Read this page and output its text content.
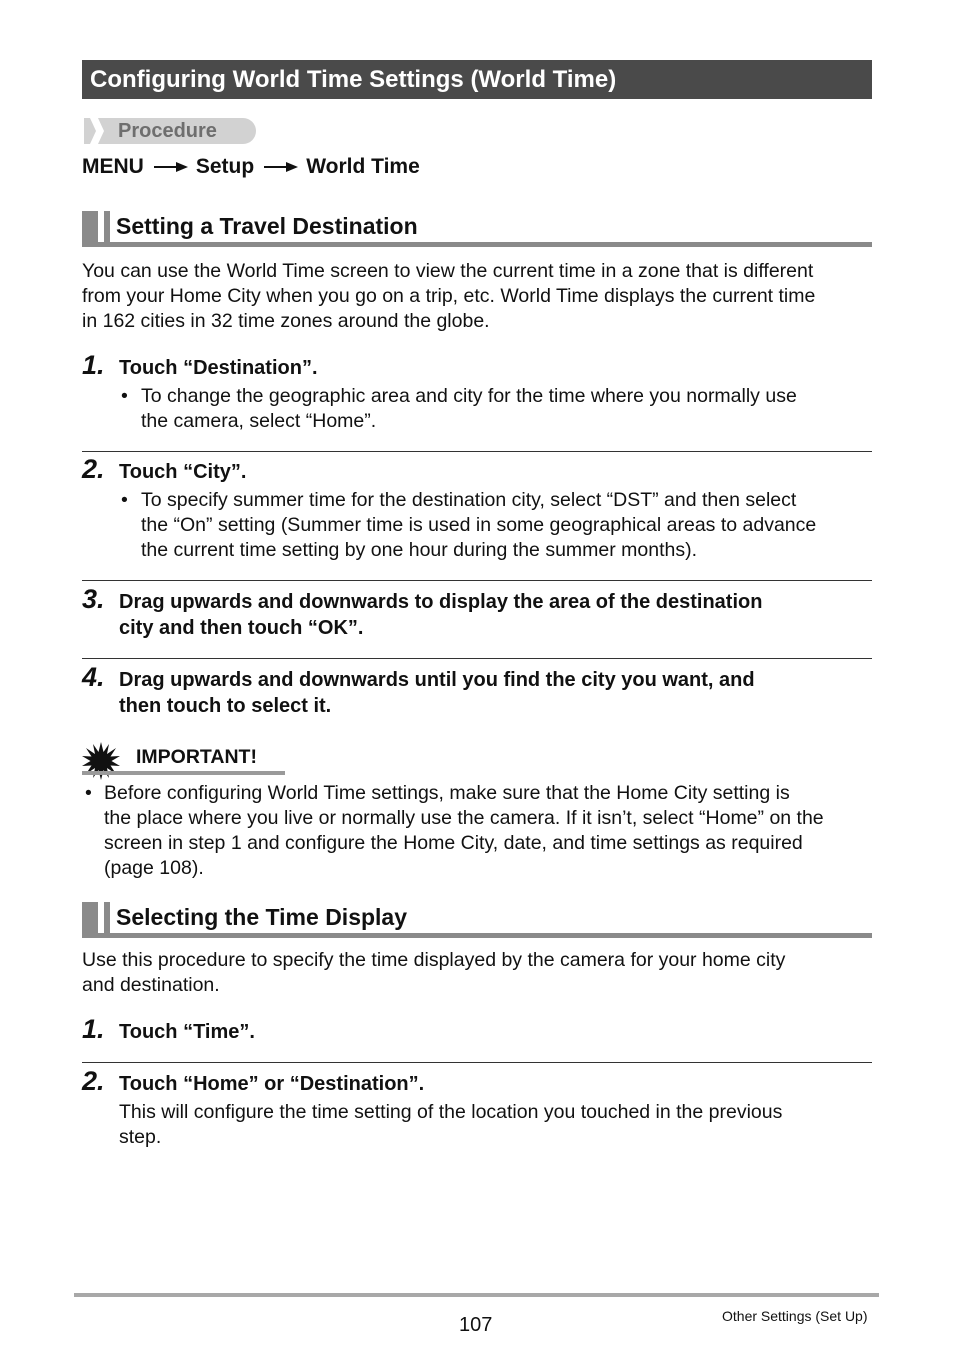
Configuring World Time Settings (World Time)
Procedure
MENU Setup World Time
Setting a Travel Destination
You can use the World Time screen to view the current time in a zone that is different
from your Home City when you go on a trip, etc. World Time displays the current time
in 162 cities in 32 time zones around the globe.
1. Touch “Destination”.
• To change the geographic area and city for the time where you normally use
the camera, select “Home”.
2. Touch “City”.
• To specify summer time for the destination city, select “DST” and then select
the “On” setting (Summer time is used in some geographical areas to advance
the current time setting by one hour during the summer months).
3. Drag upwards and downwards to display the area of the destination
city and then touch “OK”.
4. Drag upwards and downwards until you find the city you want, and
then touch to select it.
IMPORTANT!
• Before configuring World Time settings, make sure that the Home City setting is
the place where you live or normally use the camera. If it isn’t, select “Home” on the
screen in step 1 and configure the Home City, date, and time settings as required
(page 108).
Selecting the Time Display
Use this procedure to specify the time displayed by the camera for your home city
and destination.
1. Touch “Time”.
2. Touch “Home” or “Destination”.
This will configure the time setting of the location you touched in the previous
step.
107	Other Settings (Set Up)
